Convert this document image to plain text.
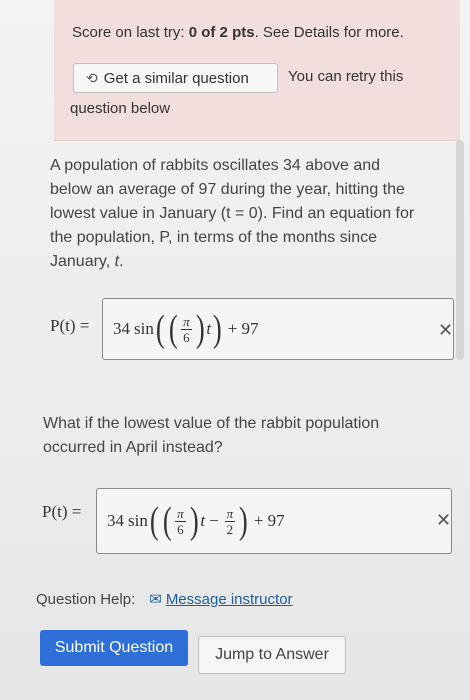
Score on last try: 0 of 2 pts. See Details for more.
⟲ Get a similar question	You can retry this
question below
A population of rabbits oscillates 34 above and
below an average of 97 during the year, hitting the
lowest value in January (t = 0). Find an equation for
the population, P, in terms of the months since
January, t.
P(t) = 34 sin ( ( $\frac{\pi}{6}$ ) t ) + 97	✕
What if the lowest value of the rabbit population
occurred in April instead?
P(t) = 34 sin ( ( $\frac{\pi}{6}$ ) $t - \frac{\pi}{2}$ ) + 97	✕
Question Help: ✉ Message instructor
Submit Question	Jump to Answer
